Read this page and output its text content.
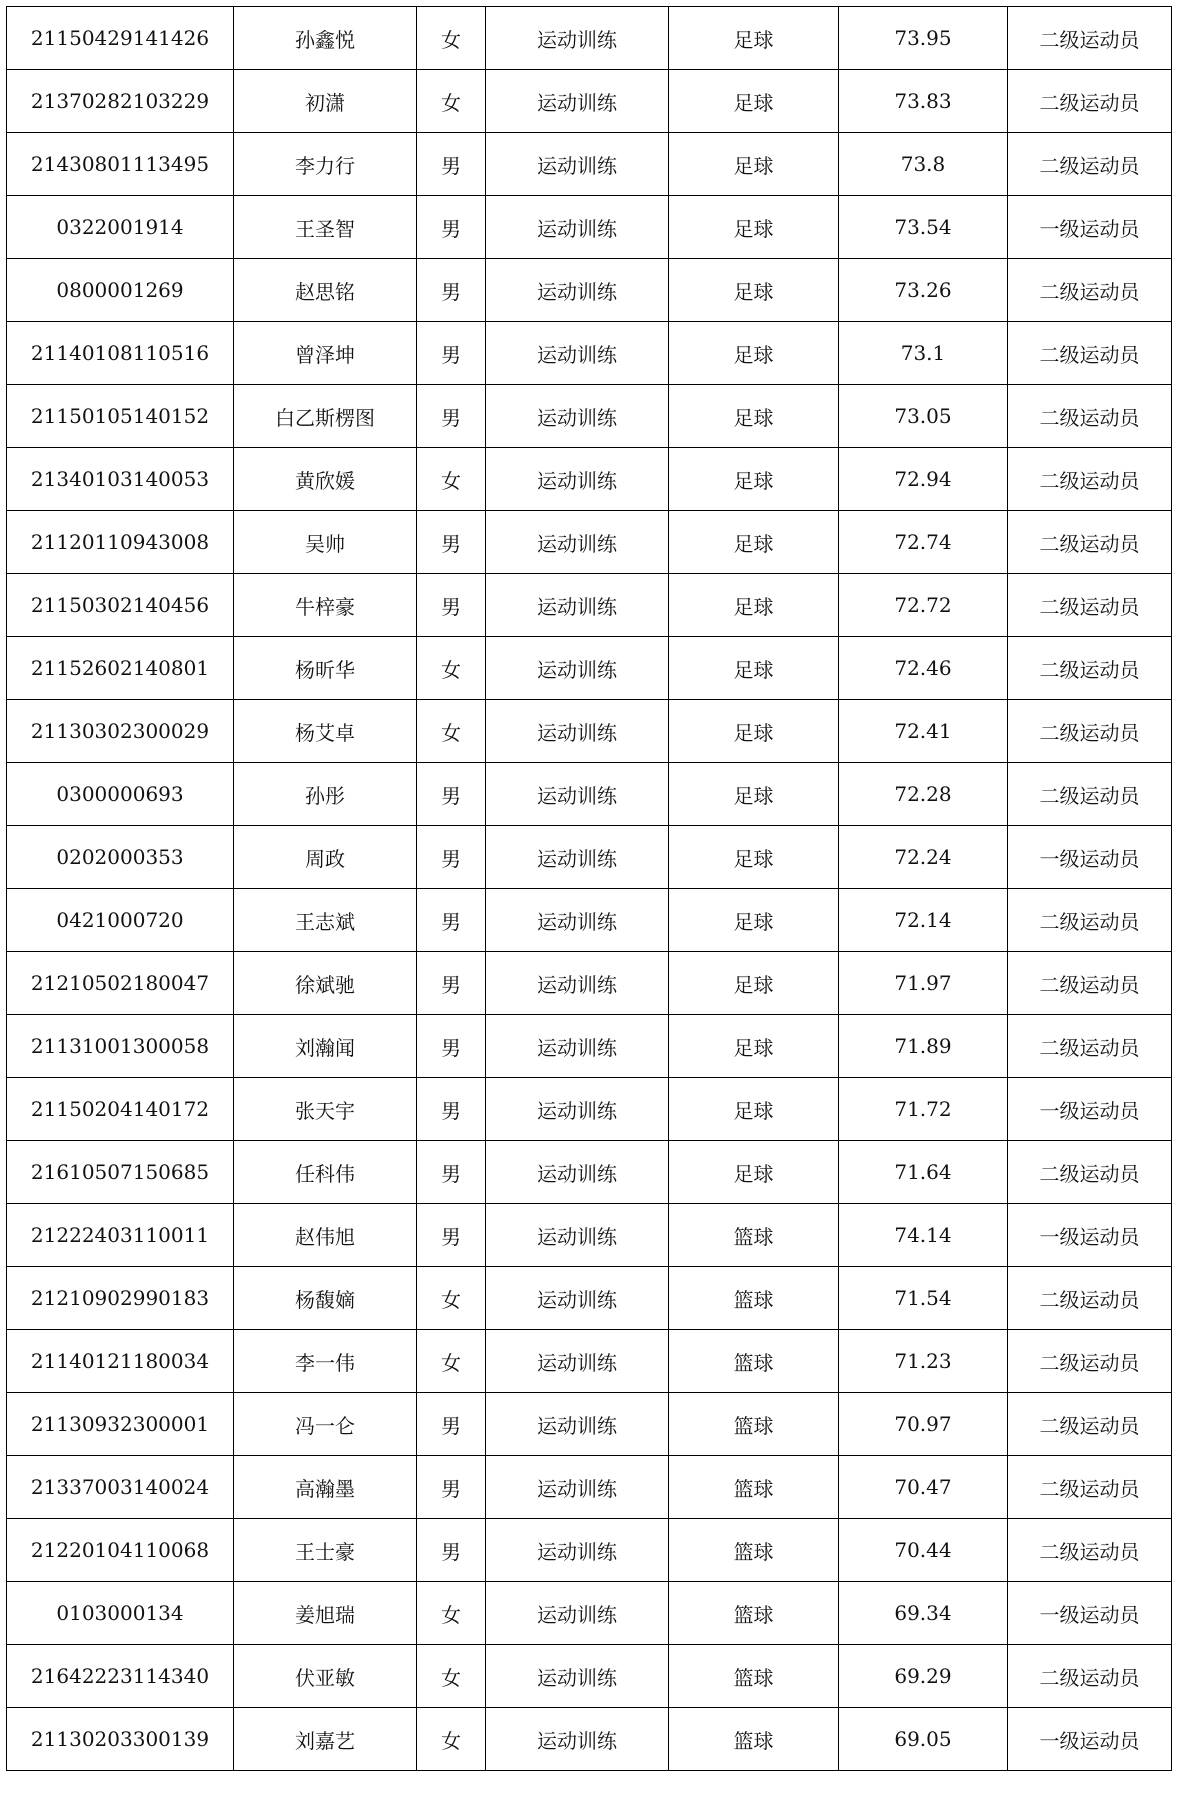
21150429141426	孙鑫悦	女	运动训练	足球	73.95	二级运动员
21370282103229	初潇	女	运动训练	足球	73.83	二级运动员
21430801113495	李力行	男	运动训练	足球	73.8	二级运动员
0322001914	王圣智	男	运动训练	足球	73.54	一级运动员
0800001269	赵思铭	男	运动训练	足球	73.26	二级运动员
21140108110516	曾泽坤	男	运动训练	足球	73.1	二级运动员
21150105140152	白乙斯楞图	男	运动训练	足球	73.05	二级运动员
21340103140053	黄欣媛	女	运动训练	足球	72.94	二级运动员
21120110943008	吴帅	男	运动训练	足球	72.74	二级运动员
21150302140456	牛梓豪	男	运动训练	足球	72.72	二级运动员
21152602140801	杨昕华	女	运动训练	足球	72.46	二级运动员
21130302300029	杨艾卓	女	运动训练	足球	72.41	二级运动员
0300000693	孙彤	男	运动训练	足球	72.28	二级运动员
0202000353	周政	男	运动训练	足球	72.24	一级运动员
0421000720	王志斌	男	运动训练	足球	72.14	二级运动员
21210502180047	徐斌驰	男	运动训练	足球	71.97	二级运动员
21131001300058	刘瀚闻	男	运动训练	足球	71.89	二级运动员
21150204140172	张天宇	男	运动训练	足球	71.72	一级运动员
21610507150685	任科伟	男	运动训练	足球	71.64	二级运动员
21222403110011	赵伟旭	男	运动训练	篮球	74.14	一级运动员
21210902990183	杨馥嫡	女	运动训练	篮球	71.54	二级运动员
21140121180034	李一伟	女	运动训练	篮球	71.23	二级运动员
21130932300001	冯一仑	男	运动训练	篮球	70.97	二级运动员
21337003140024	高瀚墨	男	运动训练	篮球	70.47	二级运动员
21220104110068	王士豪	男	运动训练	篮球	70.44	二级运动员
0103000134	姜旭瑞	女	运动训练	篮球	69.34	一级运动员
21642223114340	伏亚敏	女	运动训练	篮球	69.29	二级运动员
21130203300139	刘嘉艺	女	运动训练	篮球	69.05	一级运动员
